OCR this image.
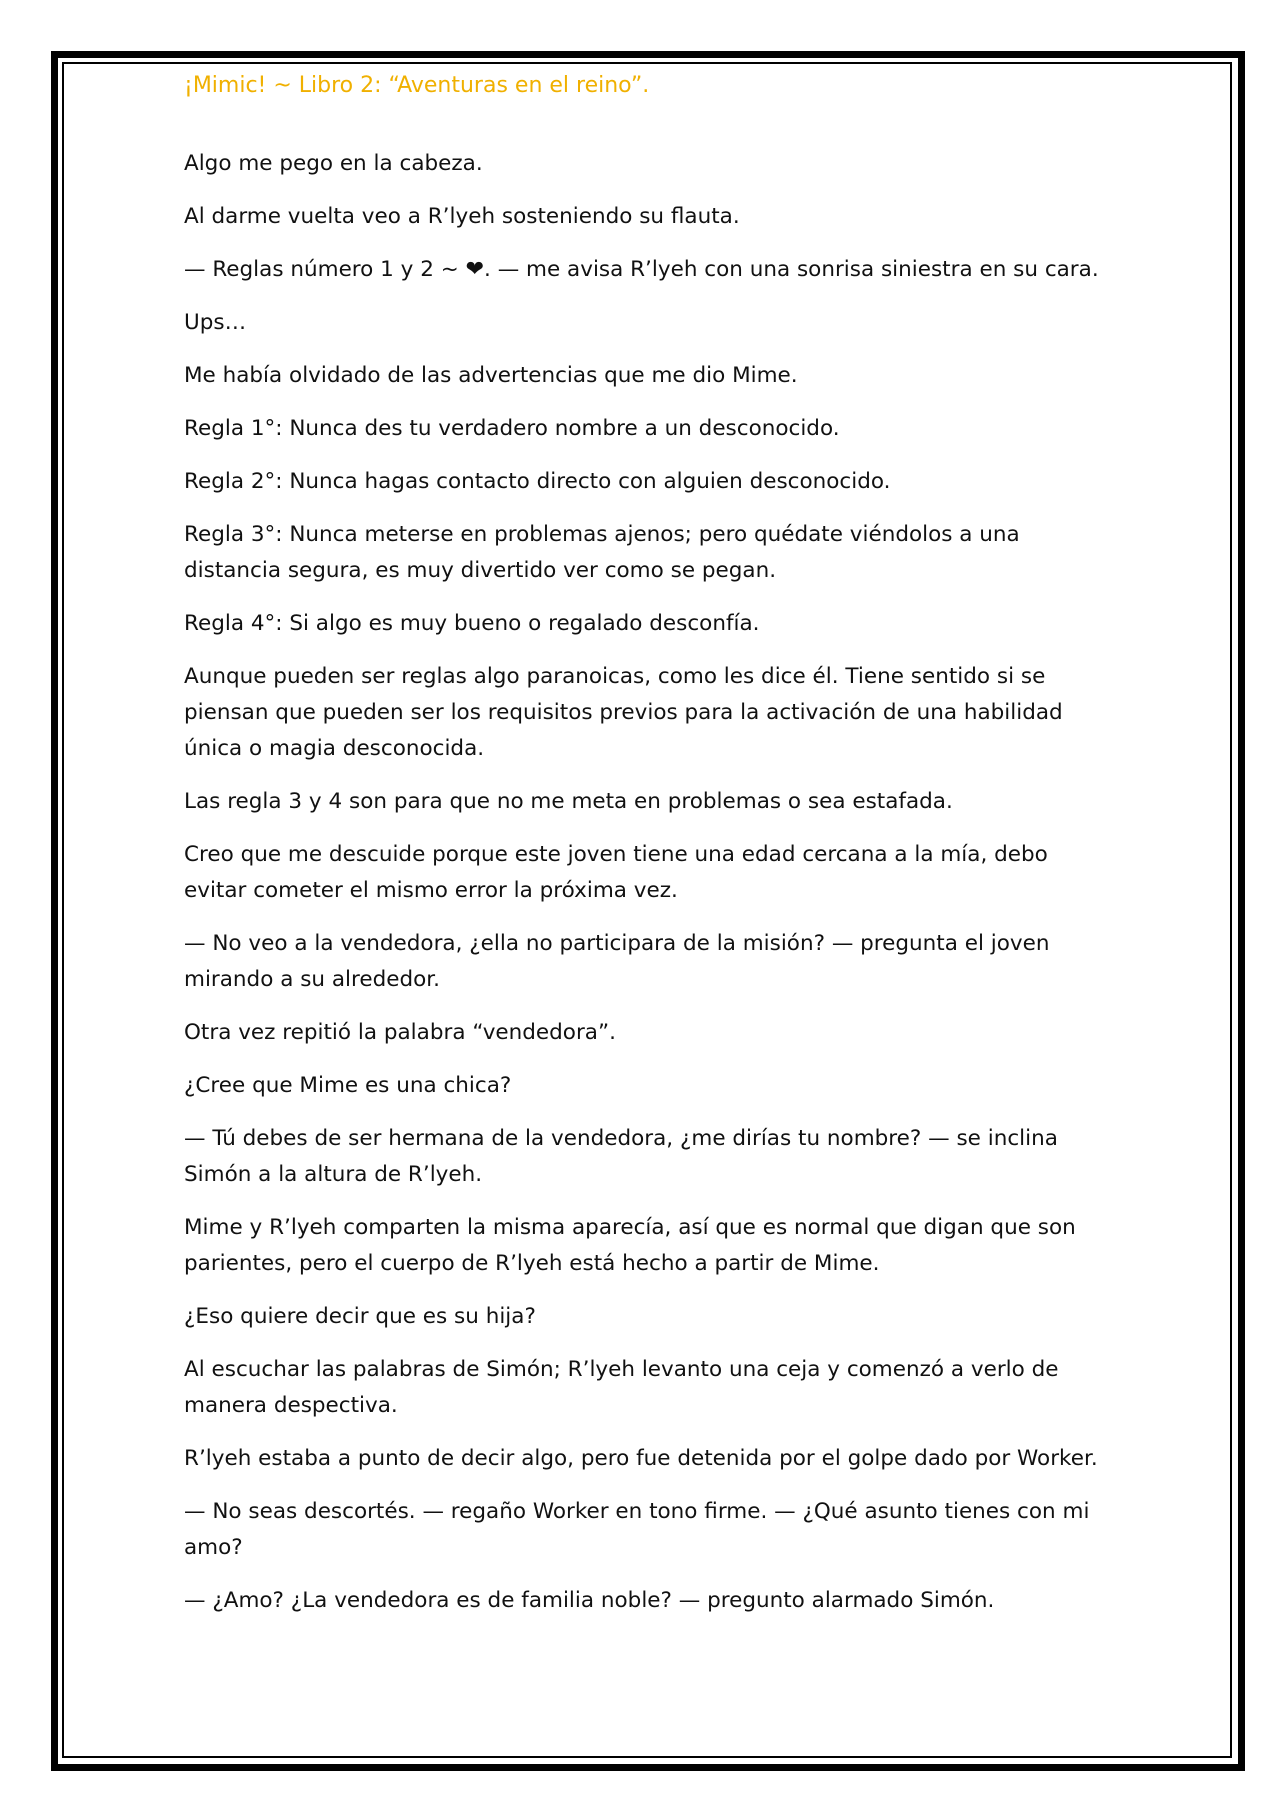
¡Mimic! ~ Libro 2: “Aventuras en el reino”.

Algo me pego en la cabeza.

Al darme vuelta veo a R’lyeh sosteniendo su flauta.

— Reglas número 1 y 2 ~ ❤. — me avisa R’lyeh con una sonrisa siniestra en su cara.

Ups…

Me había olvidado de las advertencias que me dio Mime.

Regla 1°: Nunca des tu verdadero nombre a un desconocido.

Regla 2°: Nunca hagas contacto directo con alguien desconocido.

Regla 3°: Nunca meterse en problemas ajenos; pero quédate viéndolos a una distancia segura, es muy divertido ver como se pegan.

Regla 4°: Si algo es muy bueno o regalado desconfía.

Aunque pueden ser reglas algo paranoicas, como les dice él. Tiene sentido si se piensan que pueden ser los requisitos previos para la activación de una habilidad única o magia desconocida.

Las regla 3 y 4 son para que no me meta en problemas o sea estafada.

Creo que me descuide porque este joven tiene una edad cercana a la mía, debo evitar cometer el mismo error la próxima vez.

— No veo a la vendedora, ¿ella no participara de la misión? — pregunta el joven mirando a su alrededor.

Otra vez repitió la palabra “vendedora”.

¿Cree que Mime es una chica?

— Tú debes de ser hermana de la vendedora, ¿me dirías tu nombre? — se inclina Simón a la altura de R’lyeh.

Mime y R’lyeh comparten la misma aparecía, así que es normal que digan que son parientes, pero el cuerpo de R’lyeh está hecho a partir de Mime.

¿Eso quiere decir que es su hija?

Al escuchar las palabras de Simón; R’lyeh levanto una ceja y comenzó a verlo de manera despectiva.

R’lyeh estaba a punto de decir algo, pero fue detenida por el golpe dado por Worker.

— No seas descortés. — regaño Worker en tono firme. — ¿Qué asunto tienes con mi amo?

— ¿Amo? ¿La vendedora es de familia noble? — pregunto alarmado Simón.
